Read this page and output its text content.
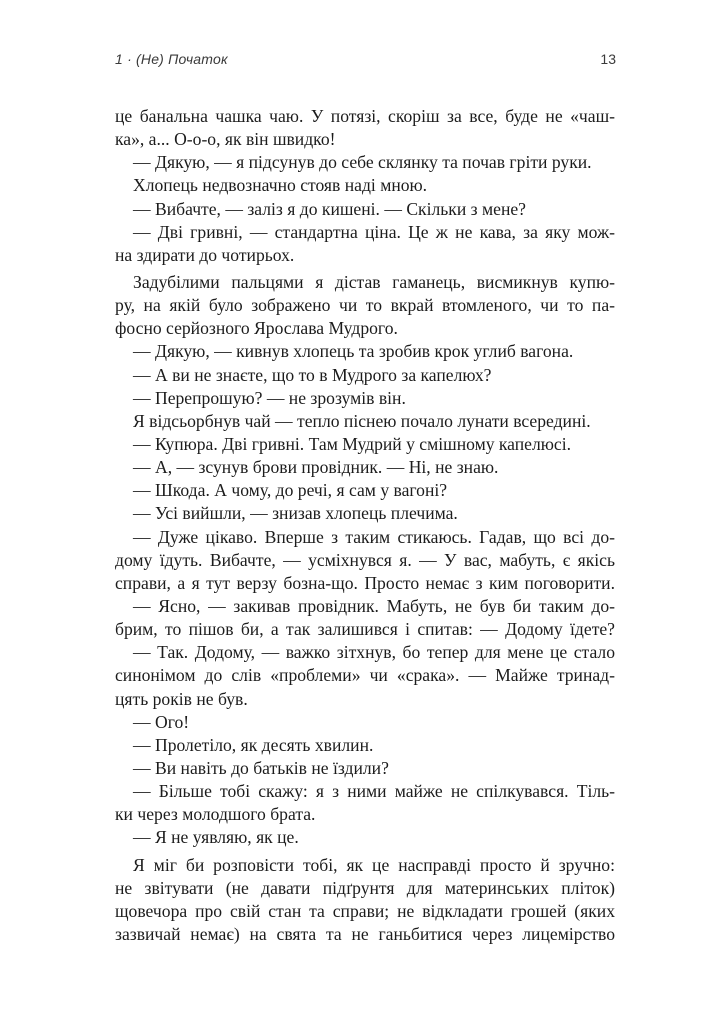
1 · (Не) Початок	13
це банальна чашка чаю. У потязі, скоріш за все, буде не «чаш-
ка», а... О-о-о, як він швидко!
— Дякую, — я підсунув до себе склянку та почав гріти руки.
Хлопець недвозначно стояв наді мною.
— Вибачте, — заліз я до кишені. — Скільки з мене?
— Дві гривні, — стандартна ціна. Це ж не кава, за яку мож-
на здирати до чотирьох.
Задубілими пальцями я дістав гаманець, висмикнув купю-
ру, на якій було зображено чи то вкрай втомленого, чи то па-
фосно серйозного Ярослава Мудрого.
— Дякую, — кивнув хлопець та зробив крок углиб вагона.
— А ви не знаєте, що то в Мудрого за капелюх?
— Перепрошую? — не зрозумів він.
Я відсьорбнув чай — тепло піснею почало лунати всередині.
— Купюра. Дві гривні. Там Мудрий у смішному капелюсі.
— А, — зсунув брови провідник. — Ні, не знаю.
— Шкода. А чому, до речі, я сам у вагоні?
— Усі вийшли, — знизав хлопець плечима.
— Дуже цікаво. Вперше з таким стикаюсь. Гадав, що всі до-
дому їдуть. Вибачте, — усміхнувся я. — У вас, мабуть, є якісь
справи, а я тут верзу бозна-що. Просто немає з ким поговорити.
— Ясно, — закивав провідник. Мабуть, не був би таким до-
брим, то пішов би, а так залишився і спитав: — Додому їдете?
— Так. Додому, — важко зітхнув, бо тепер для мене це стало
синонімом до слів «проблеми» чи «срака». — Майже тринад-
цять років не був.
— Ого!
— Пролетіло, як десять хвилин.
— Ви навіть до батьків не їздили?
— Більше тобі скажу: я з ними майже не спілкувався. Тіль-
ки через молодшого брата.
— Я не уявляю, як це.
Я міг би розповісти тобі, як це насправді просто й зручно:
не звітувати (не давати підґрунтя для материнських пліток)
щовечора про свій стан та справи; не відкладати грошей (яких
зазвичай немає) на свята та не ганьбитися через лицемірство
